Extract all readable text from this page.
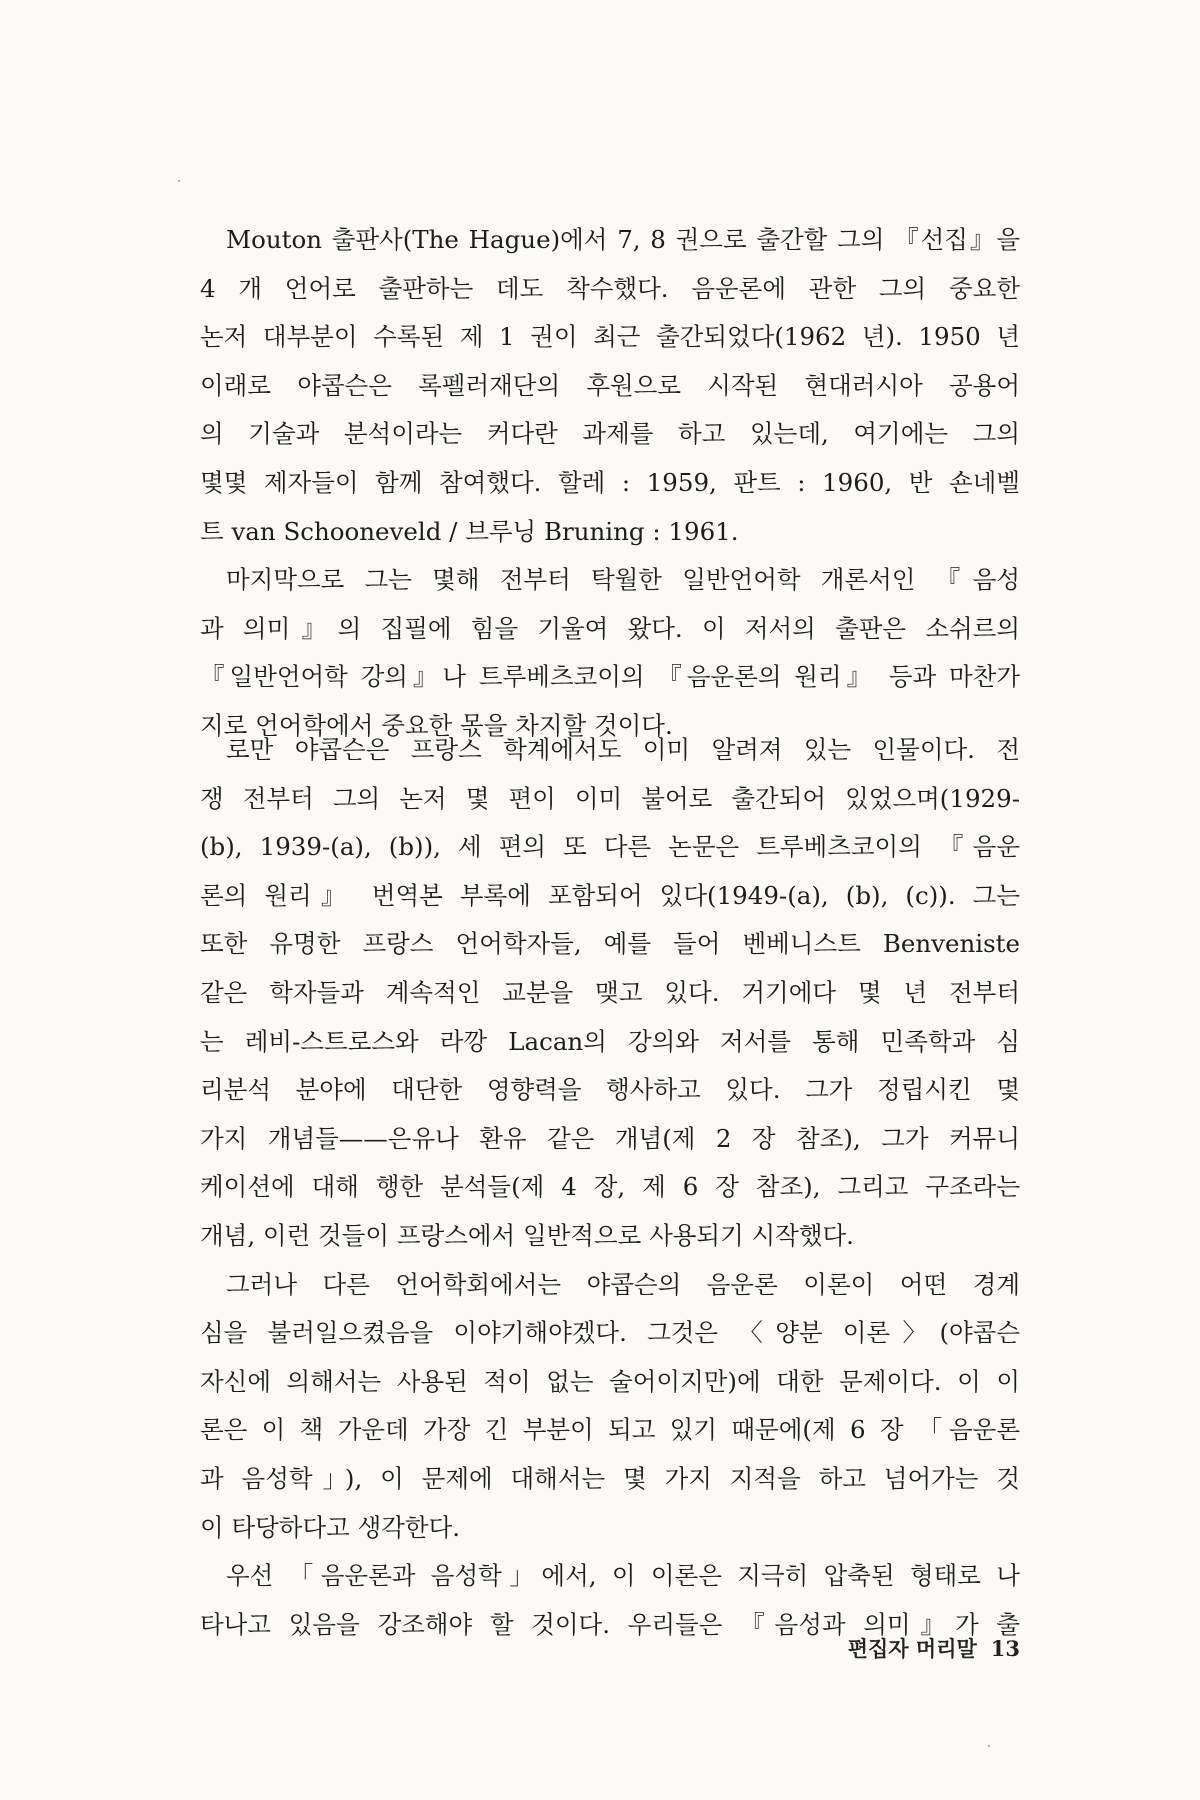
Mouton 출판사(The Hague)에서 7, 8 권으로 출간할 그의 『선집』을
4 개 언어로 출판하는 데도 착수했다. 음운론에 관한 그의 중요한
논저 대부분이 수록된 제 1 권이 최근 출간되었다(1962 년). 1950 년
이래로 야콥슨은 록펠러재단의 후원으로 시작된 현대러시아 공용어
의 기술과 분석이라는 커다란 과제를 하고 있는데, 여기에는 그의
몇몇 제자들이 함께 참여했다. 할레 : 1959, 판트 : 1960, 반 숀네벨
트 van Schooneveld / 브루닝 Bruning : 1961.
마지막으로 그는 몇해 전부터 탁월한 일반언어학 개론서인 『음성
과 의미』의 집필에 힘을 기울여 왔다. 이 저서의 출판은 소쉬르의
『일반언어학 강의』나 트루베츠코이의 『음운론의 원리』 등과 마찬가
지로 언어학에서 중요한 몫을 차지할 것이다.
로만 야콥슨은 프랑스 학계에서도 이미 알려져 있는 인물이다. 전
쟁 전부터 그의 논저 몇 편이 이미 불어로 출간되어 있었으며(1929-
(b), 1939-(a), (b)), 세 편의 또 다른 논문은 트루베츠코이의 『음운
론의 원리』 번역본 부록에 포함되어 있다(1949-(a), (b), (c)). 그는
또한 유명한 프랑스 언어학자들, 예를 들어 벤베니스트 Benveniste
같은 학자들과 계속적인 교분을 맺고 있다. 거기에다 몇 년 전부터
는 레비-스트로스와 라깡 Lacan의 강의와 저서를 통해 민족학과 심
리분석 분야에 대단한 영향력을 행사하고 있다. 그가 정립시킨 몇
가지 개념들——은유나 환유 같은 개념(제 2 장 참조), 그가 커뮤니
케이션에 대해 행한 분석들(제 4 장, 제 6 장 참조), 그리고 구조라는
개념, 이런 것들이 프랑스에서 일반적으로 사용되기 시작했다.
그러나 다른 언어학회에서는 야콥슨의 음운론 이론이 어떤 경계
심을 불러일으켰음을 이야기해야겠다. 그것은 〈양분 이론〉(야콥슨
자신에 의해서는 사용된 적이 없는 술어이지만)에 대한 문제이다. 이 이
론은 이 책 가운데 가장 긴 부분이 되고 있기 때문에(제 6 장 「음운론
과 음성학」), 이 문제에 대해서는 몇 가지 지적을 하고 넘어가는 것
이 타당하다고 생각한다.
우선 「음운론과 음성학」에서, 이 이론은 지극히 압축된 형태로 나
타나고 있음을 강조해야 할 것이다. 우리들은 『음성과 의미』가 출
편집자 머리말 13
